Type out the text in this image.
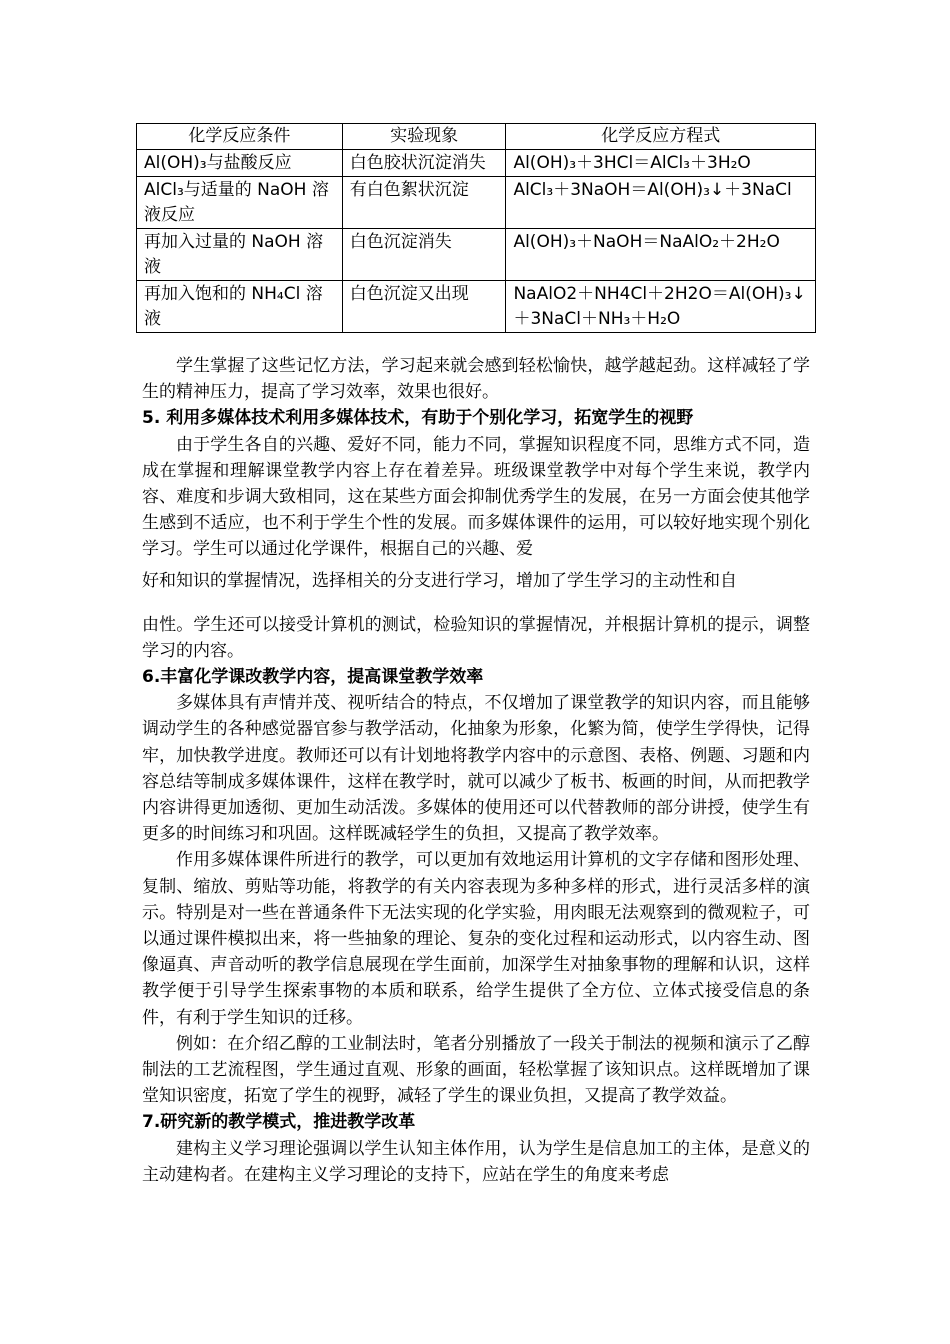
化学反应条件	实验现象	化学反应方程式
Al(OH)₃与盐酸反应	白色胶状沉淀消失	Al(OH)₃＋3HCl＝AlCl₃＋3H₂O
AlCl₃与适量的 NaOH 溶液反应	有白色絮状沉淀	AlCl₃＋3NaOH＝Al(OH)₃↓＋3NaCl
再加入过量的 NaOH 溶液	白色沉淀消失	Al(OH)₃＋NaOH＝NaAlO₂＋2H₂O
再加入饱和的 NH₄Cl 溶液	白色沉淀又出现	NaAlO2＋NH4Cl＋2H2O＝Al(OH)₃↓＋3NaCl＋NH₃＋H₂O

学生掌握了这些记忆方法，学习起来就会感到轻松愉快，越学越起劲。这样减轻了学生的精神压力，提高了学习效率，效果也很好。

5. 利用多媒体技术利用多媒体技术，有助于个别化学习，拓宽学生的视野

由于学生各自的兴趣、爱好不同，能力不同，掌握知识程度不同，思维方式不同，造成在掌握和理解课堂教学内容上存在着差异。班级课堂教学中对每个学生来说，教学内容、难度和步调大致相同，这在某些方面会抑制优秀学生的发展，在另一方面会使其他学生感到不适应，也不利于学生个性的发展。而多媒体课件的运用，可以较好地实现个别化学习。学生可以通过化学课件，根据自己的兴趣、爱

好和知识的掌握情况，选择相关的分支进行学习，增加了学生学习的主动性和自

由性。学生还可以接受计算机的测试，检验知识的掌握情况，并根据计算机的提示，调整学习的内容。

6.丰富化学课改教学内容，提高课堂教学效率

多媒体具有声情并茂、视听结合的特点，不仅增加了课堂教学的知识内容，而且能够调动学生的各种感觉器官参与教学活动，化抽象为形象，化繁为简，使学生学得快，记得牢，加快教学进度。教师还可以有计划地将教学内容中的示意图、表格、例题、习题和内容总结等制成多媒体课件，这样在教学时，就可以减少了板书、板画的时间，从而把教学内容讲得更加透彻、更加生动活泼。多媒体的使用还可以代替教师的部分讲授，使学生有更多的时间练习和巩固。这样既减轻学生的负担，又提高了教学效率。

作用多媒体课件所进行的教学，可以更加有效地运用计算机的文字存储和图形处理、复制、缩放、剪贴等功能，将教学的有关内容表现为多种多样的形式，进行灵活多样的演示。特别是对一些在普通条件下无法实现的化学实验，用肉眼无法观察到的微观粒子，可以通过课件模拟出来，将一些抽象的理论、复杂的变化过程和运动形式，以内容生动、图像逼真、声音动听的教学信息展现在学生面前，加深学生对抽象事物的理解和认识，这样教学便于引导学生探索事物的本质和联系，给学生提供了全方位、立体式接受信息的条件，有利于学生知识的迁移。

例如：在介绍乙醇的工业制法时，笔者分别播放了一段关于制法的视频和演示了乙醇制法的工艺流程图，学生通过直观、形象的画面，轻松掌握了该知识点。这样既增加了课堂知识密度，拓宽了学生的视野，减轻了学生的课业负担，又提高了教学效益。

7.研究新的教学模式，推进教学改革

建构主义学习理论强调以学生认知主体作用，认为学生是信息加工的主体，是意义的主动建构者。在建构主义学习理论的支持下，应站在学生的角度来考虑
